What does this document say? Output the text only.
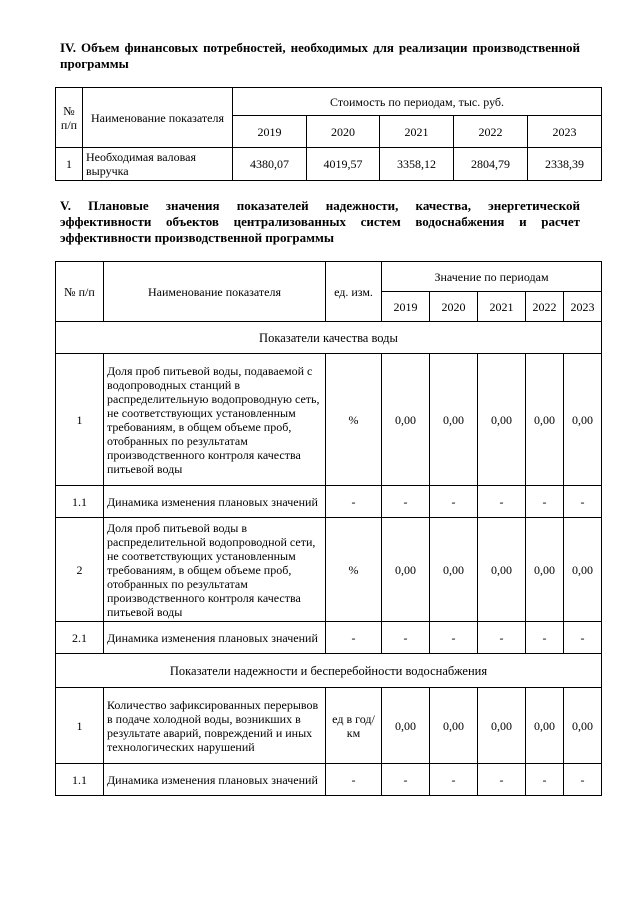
IV. Объем финансовых потребностей, необходимых для реализации производственной программы
№ п/п	Наименование показателя	Стоимость по периодам, тыс. руб.				
		2019	2020	2021	2022	2023
1	Необходимая валовая выручка	4380,07	4019,57	3358,12	2804,79	2338,39
V. Плановые значения показателей надежности, качества, энергетической эффективности объектов централизованных систем водоснабжения и расчет эффективности производственной программы
№ п/п	Наименование показателя	ед. изм.	Значение по периодам				
			2019	2020	2021	2022	2023
Показатели качества воды							
1	Доля проб питьевой воды, подаваемой с водопроводных станций в распределительную водопроводную сеть, не соответствующих установленным требованиям, в общем объеме проб, отобранных по результатам производственного контроля качества питьевой воды	%	0,00	0,00	0,00	0,00	0,00
1.1	Динамика изменения плановых значений	-	-	-	-	-	-
2	Доля проб питьевой воды в распределительной водопроводной сети, не соответствующих установленным требованиям, в общем объеме проб, отобранных по результатам производственного контроля качества питьевой воды	%	0,00	0,00	0,00	0,00	0,00
2.1	Динамика изменения плановых значений	-	-	-	-	-	-
Показатели надежности и бесперебойности водоснабжения							
1	Количество зафиксированных перерывов в подаче холодной воды, возникших в результате аварий, повреждений и иных технологических нарушений	ед в год/ км	0,00	0,00	0,00	0,00	0,00
1.1	Динамика изменения плановых значений	-	-	-	-	-	-
